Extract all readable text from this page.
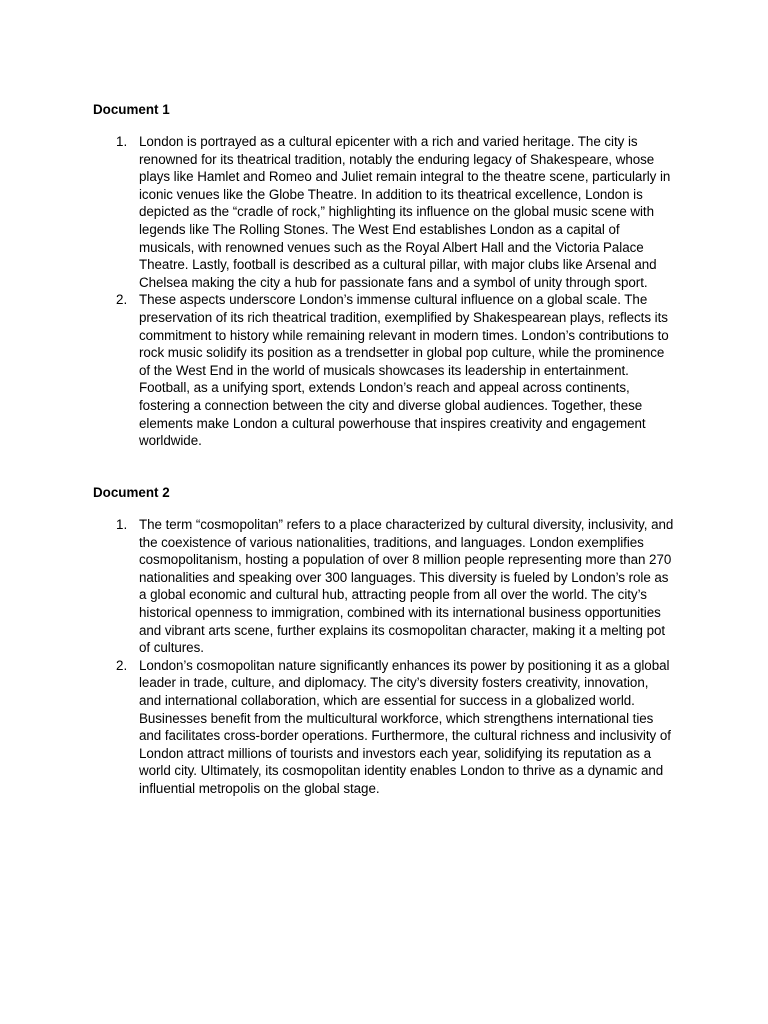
Document 1
1. London is portrayed as a cultural epicenter with a rich and varied heritage. The city is renowned for its theatrical tradition, notably the enduring legacy of Shakespeare, whose plays like Hamlet and Romeo and Juliet remain integral to the theatre scene, particularly in iconic venues like the Globe Theatre. In addition to its theatrical excellence, London is depicted as the “cradle of rock,” highlighting its influence on the global music scene with legends like The Rolling Stones. The West End establishes London as a capital of musicals, with renowned venues such as the Royal Albert Hall and the Victoria Palace Theatre. Lastly, football is described as a cultural pillar, with major clubs like Arsenal and Chelsea making the city a hub for passionate fans and a symbol of unity through sport.

2. These aspects underscore London’s immense cultural influence on a global scale. The preservation of its rich theatrical tradition, exemplified by Shakespearean plays, reflects its commitment to history while remaining relevant in modern times. London’s contributions to rock music solidify its position as a trendsetter in global pop culture, while the prominence of the West End in the world of musicals showcases its leadership in entertainment. Football, as a unifying sport, extends London’s reach and appeal across continents, fostering a connection between the city and diverse global audiences. Together, these elements make London a cultural powerhouse that inspires creativity and engagement worldwide.

Document 2
1. The term “cosmopolitan” refers to a place characterized by cultural diversity, inclusivity, and the coexistence of various nationalities, traditions, and languages. London exemplifies cosmopolitanism, hosting a population of over 8 million people representing more than 270 nationalities and speaking over 300 languages. This diversity is fueled by London’s role as a global economic and cultural hub, attracting people from all over the world. The city’s historical openness to immigration, combined with its international business opportunities and vibrant arts scene, further explains its cosmopolitan character, making it a melting pot of cultures.

2. London’s cosmopolitan nature significantly enhances its power by positioning it as a global leader in trade, culture, and diplomacy. The city’s diversity fosters creativity, innovation, and international collaboration, which are essential for success in a globalized world. Businesses benefit from the multicultural workforce, which strengthens international ties and facilitates cross-border operations. Furthermore, the cultural richness and inclusivity of London attract millions of tourists and investors each year, solidifying its reputation as a world city. Ultimately, its cosmopolitan identity enables London to thrive as a dynamic and influential metropolis on the global stage.
